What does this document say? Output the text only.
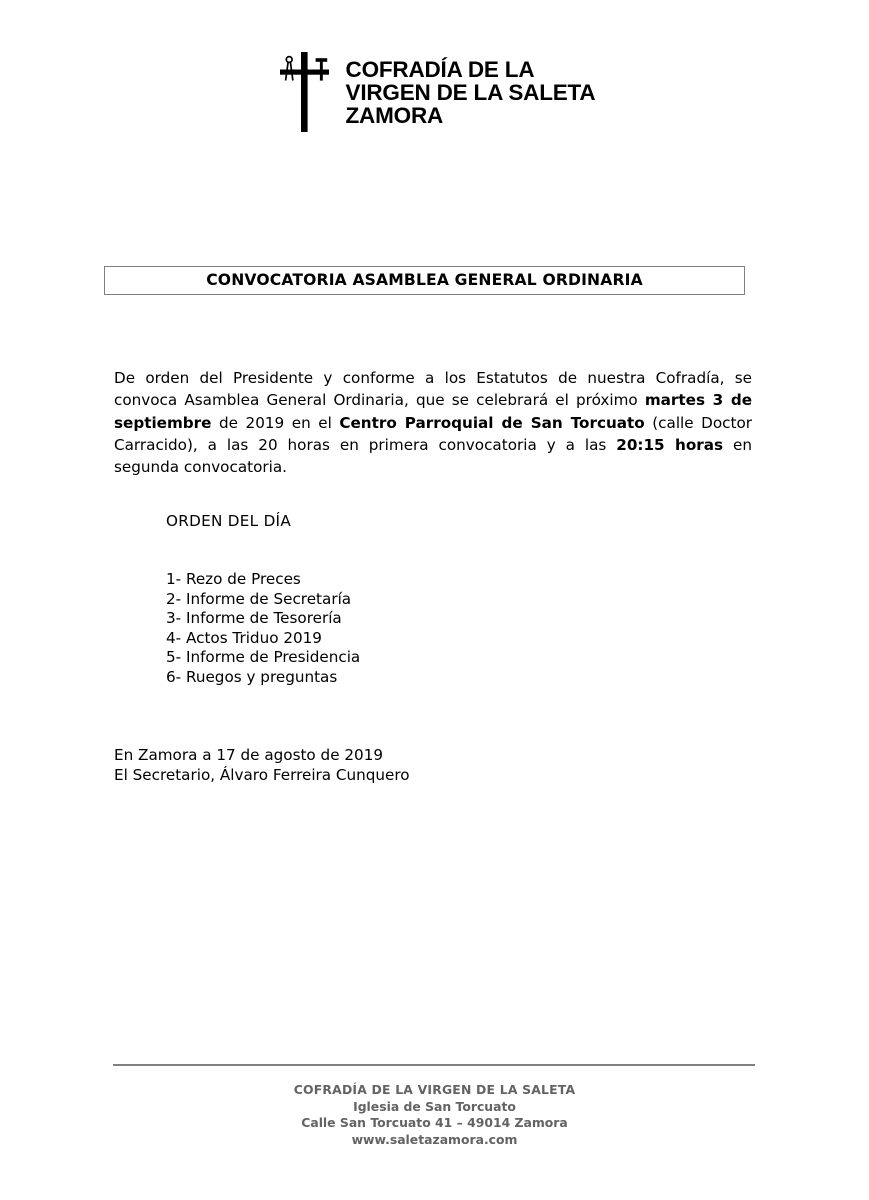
COFRADÍA DE LA
VIRGEN DE LA SALETA
ZAMORA
CONVOCATORIA ASAMBLEA GENERAL ORDINARIA

De orden del Presidente y conforme a los Estatutos de nuestra Cofradía, se convoca Asamblea General Ordinaria, que se celebrará el próximo martes 3 de septiembre de 2019 en el Centro Parroquial de San Torcuato (calle Doctor Carracido), a las 20 horas en primera convocatoria y a las 20:15 horas en segunda convocatoria.

ORDEN DEL DÍA
1- Rezo de Preces
2- Informe de Secretaría
3- Informe de Tesorería
4- Actos Triduo 2019
5- Informe de Presidencia
6- Ruegos y preguntas
En Zamora a 17 de agosto de 2019
El Secretario, Álvaro Ferreira Cunquero
COFRADÍA DE LA VIRGEN DE LA SALETA
Iglesia de San Torcuato
Calle San Torcuato 41 – 49014 Zamora
www.saletazamora.com
